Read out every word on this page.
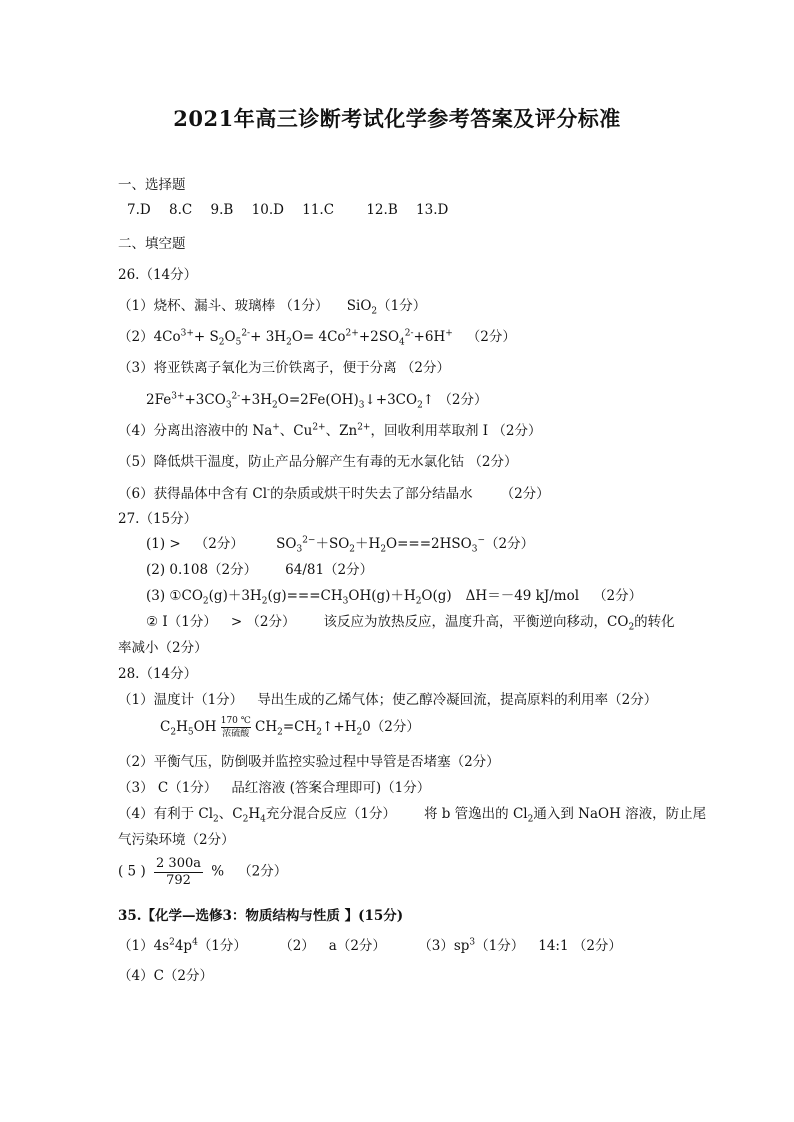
2021年高三诊断考试化学参考答案及评分标准
一、选择题
7.D 8.C 9.B 10.D 11.C 12.B 13.D
二、填空题
26.（14分）
（1）烧杯、漏斗、玻璃棒 （1分） SiO$_2$（1分）
$(2)4Co^{3+}+ S_2O_5^{2-}+ 3H_2O= 4Co^{2+}+2SO_4^{2-}+6H^+$ （2分）
（3）将亚铁离子氧化为三价铁离子，便于分离 （2分）
$2Fe^{3+}+3CO_3^{2-}+3H_2O=2Fe(OH)_3↓+3CO_2↑$ （2分）
（4）分离出溶液中的 Na+、$Cu^{2+}$、$Zn^{2+}$，回收利用萃取剂 I （2分）
（5）降低烘干温度，防止产品分解产生有毒的无水氯化钴 （2分）
（6）获得晶体中含有 Cl-的杂质或烘干时失去了部分结晶水 （2分）
27.（15分）
(1) > （2分） $SO_3^{2-}+SO_2+H_2O===2HSO_3^-(2$分）
(2) 0.108（2分） 64/81（2分）
(3) $①CO_2(g)+3H_2(g)===CH_3OH(g)+H_2O(g)$ ΔH＝－49 kJ/mol （2分）
② I（1分） > （2分） 该反应为放热反应，温度升高，平衡逆向移动，$CO_2$的转化
率减小（2分）
28.（14分）
（1）温度计（1分） 导出生成的乙烯气体；使乙醇冷凝回流，提高原料的利用率（2分）
$C_2H_5OH$ 170 ℃
浓硫酸 $CH_2=CH_2↑+H_20(2$分）
（2）平衡气压，防倒吸并监控实验过程中导管是否堵塞（2分）
（3） C（1分） 品红溶液 (答案合理即可)（1分）
（4）有利于 $Cl_2$、$C_2H_4$充分混合反应（1分） 将 b 管逸出的 $Cl_2$通入到 NaOH 溶液，防止尾
气污染环境（2分）
( 5 ) $\frac{2 300a}{792}$ % （2分）
35.【化学—选修3：物质结构与性质 】(15分)
$(1)4s^24p^4(1$分） （2） a（2分） $(3)sp^3(1$分） 14:1 （2分）
（4）C（2分）
